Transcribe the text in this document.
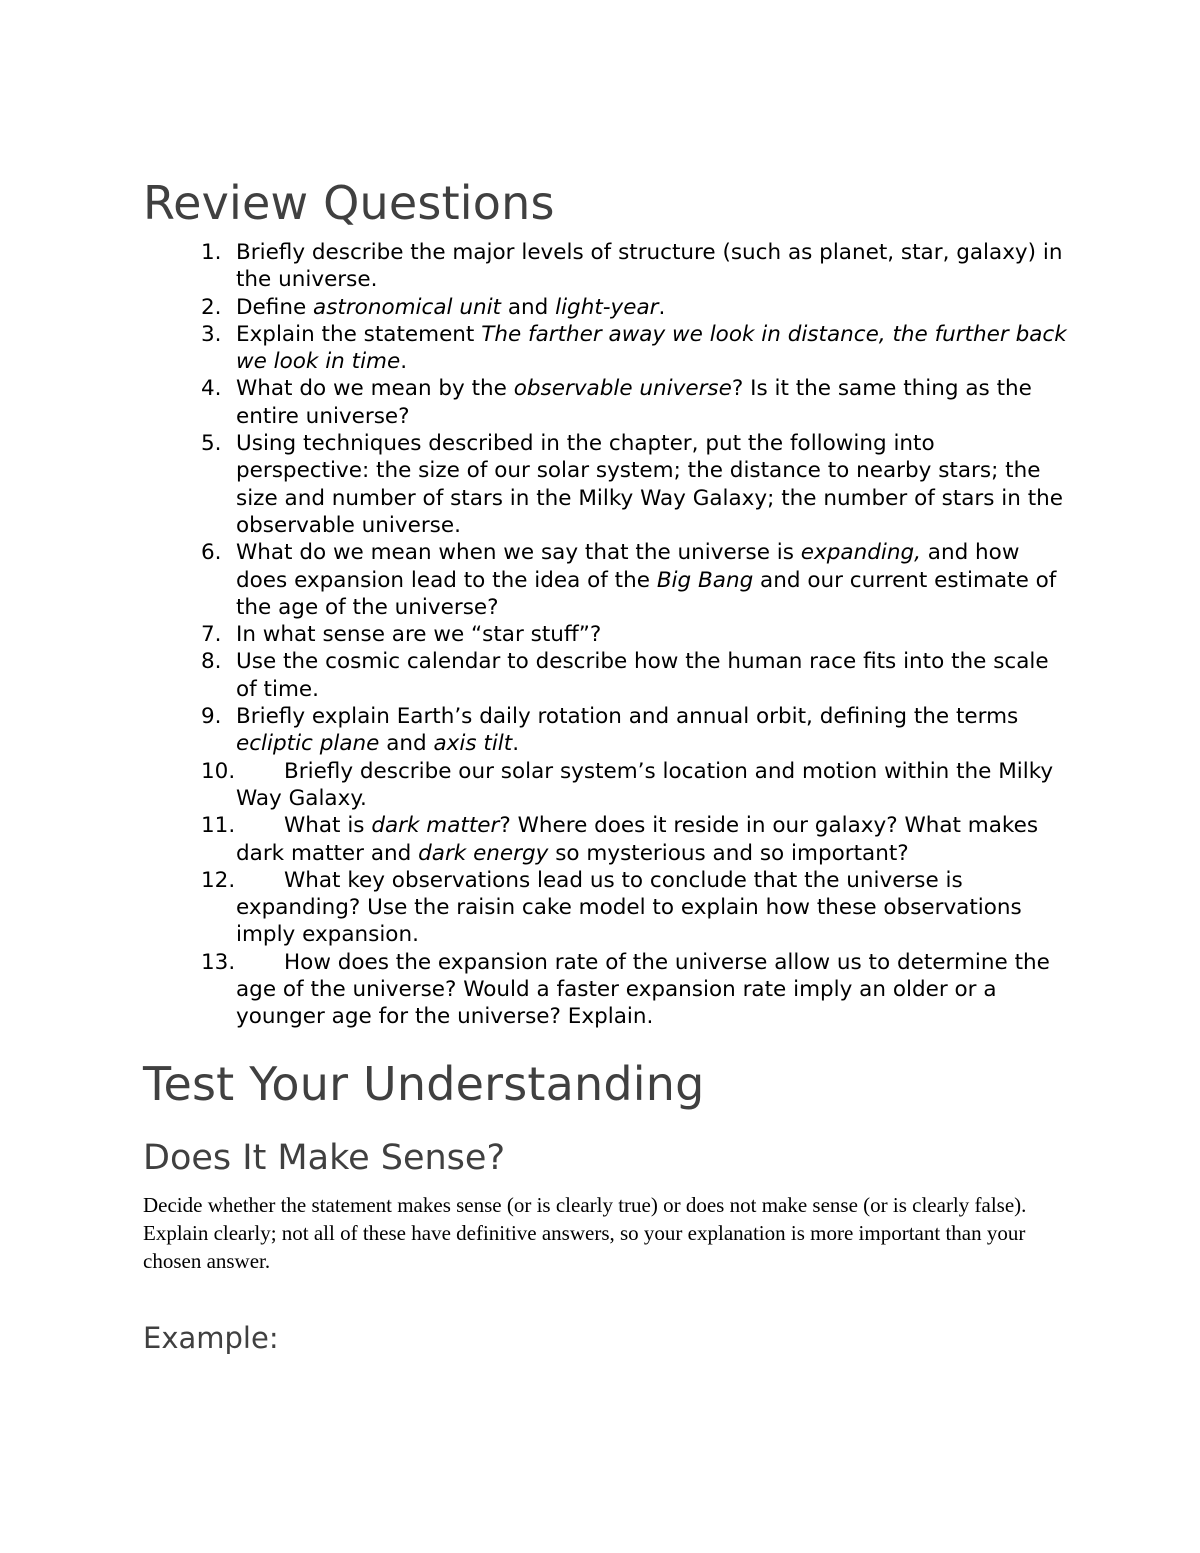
Review Questions
1. Briefly describe the major levels of structure (such as planet, star, galaxy) in the universe.
2. Define astronomical unit and light-year.
3. Explain the statement The farther away we look in distance, the further back we look in time.
4. What do we mean by the observable universe? Is it the same thing as the entire universe?
5. Using techniques described in the chapter, put the following into perspective: the size of our solar system; the distance to nearby stars; the size and number of stars in the Milky Way Galaxy; the number of stars in the observable universe.
6. What do we mean when we say that the universe is expanding, and how does expansion lead to the idea of the Big Bang and our current estimate of the age of the universe?
7. In what sense are we “star stuff”?
8. Use the cosmic calendar to describe how the human race fits into the scale of time.
9. Briefly explain Earth’s daily rotation and annual orbit, defining the terms ecliptic plane and axis tilt.
10. Briefly describe our solar system’s location and motion within the Milky Way Galaxy.
11. What is dark matter? Where does it reside in our galaxy? What makes dark matter and dark energy so mysterious and so important?
12. What key observations lead us to conclude that the universe is expanding? Use the raisin cake model to explain how these observations imply expansion.
13. How does the expansion rate of the universe allow us to determine the age of the universe? Would a faster expansion rate imply an older or a younger age for the universe? Explain.
Test Your Understanding
Does It Make Sense?

Decide whether the statement makes sense (or is clearly true) or does not make sense (or is clearly false). Explain clearly; not all of these have definitive answers, so your explanation is more important than your chosen answer.

Example:
